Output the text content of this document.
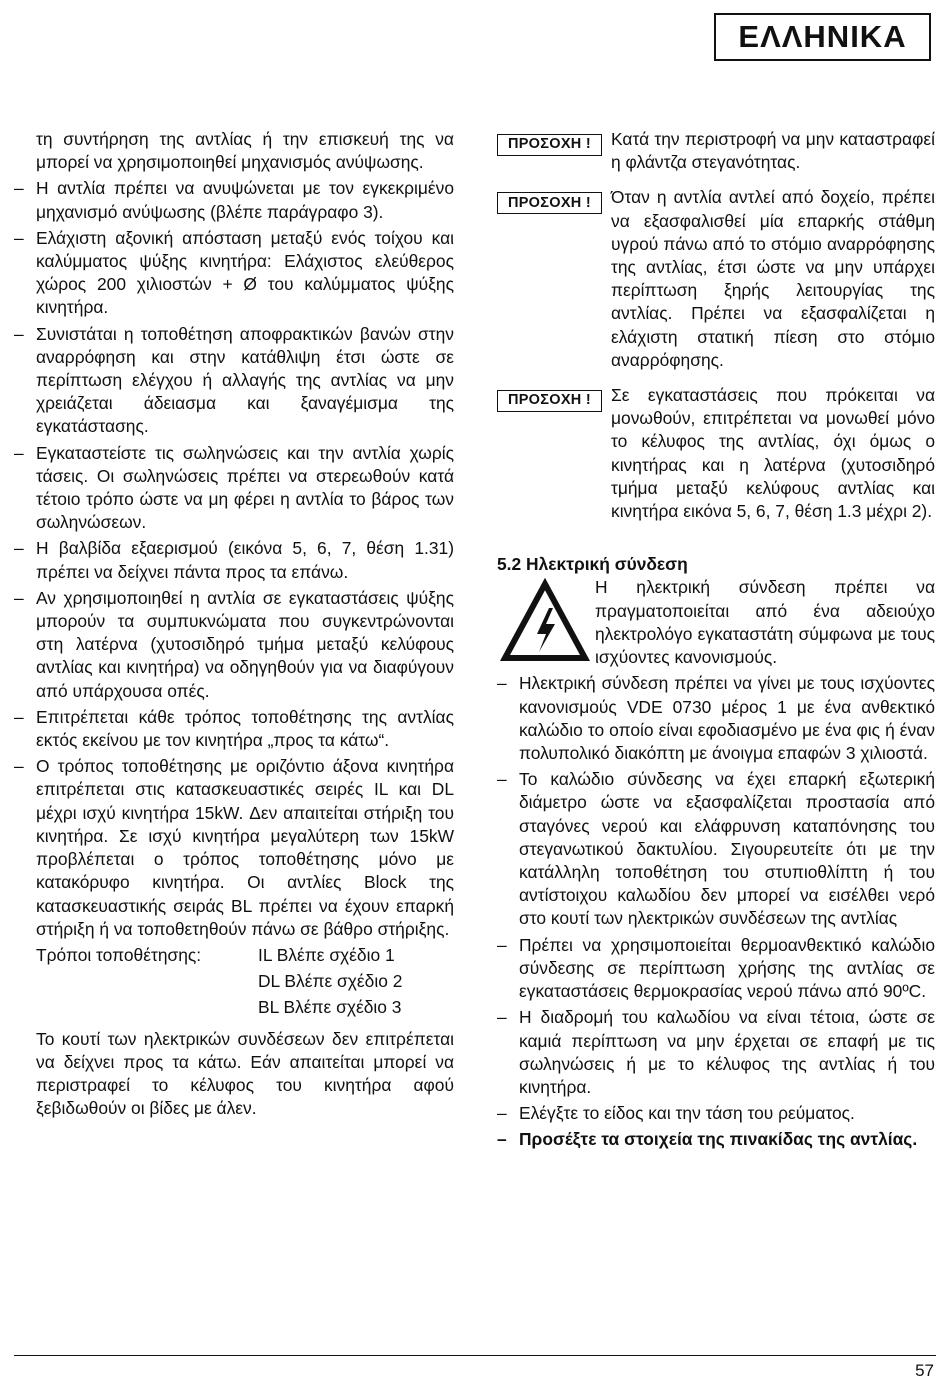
ΕΛΛΗΝΙΚΑ

τη συντήρηση της αντλίας ή την επισκευή της να μπορεί να χρησιμοποιηθεί μηχανισμός ανύψωσης.

– Η αντλία πρέπει να ανυψώνεται με τον εγκεκριμένο μηχανισμό ανύψωσης (βλέπε παράγραφο 3).

– Ελάχιστη αξονική απόσταση μεταξύ ενός τοίχου και καλύμματος ψύξης κινητήρα: Ελάχιστος ελεύθερος χώρος 200 χιλιοστών + Ø του καλύμματος ψύξης κινητήρα.

– Συνιστάται η τοποθέτηση αποφρακτικών βανών στην αναρρόφηση και στην κατάθλιψη έτσι ώστε σε περίπτωση ελέγχου ή αλλαγής της αντλίας να μην χρειάζεται άδειασμα και ξαναγέμισμα της εγκατάστασης.

– Εγκαταστείστε τις σωληνώσεις και την αντλία χωρίς τάσεις. Οι σωληνώσεις πρέπει να στερεωθούν κατά τέτοιο τρόπο ώστε να μη φέρει η αντλία το βάρος των σωληνώσεων.

– Η βαλβίδα εξαερισμού (εικόνα 5, 6, 7, θέση 1.31) πρέπει να δείχνει πάντα προς τα επάνω.

– Αν χρησιμοποιηθεί η αντλία σε εγκαταστάσεις ψύξης μπορούν τα συμπυκνώματα που συγκεντρώνονται στη λατέρνα (χυτοσιδηρό τμήμα μεταξύ κελύφους αντλίας και κινητήρα) να οδηγηθούν για να διαφύγουν από υπάρχουσα οπές.

– Επιτρέπεται κάθε τρόπος τοποθέτησης της αντλίας εκτός εκείνου με τον κινητήρα „προς τα κάτω“.

– Ο τρόπος τοποθέτησης με οριζόντιο άξονα κινητήρα επιτρέπεται στις κατασκευαστικές σειρές IL και DL μέχρι ισχύ κινητήρα 15kW. Δεν απαιτείται στήριξη του κινητήρα. Σε ισχύ κινητήρα μεγαλύτερη των 15kW προβλέπεται ο τρόπος τοποθέτησης μόνο με κατακόρυφο κινητήρα. Οι αντλίες Block της κατασκευαστικής σειράς BL πρέπει να έχουν επαρκή στήριξη ή να τοποθετηθούν πάνω σε βάθρο στήριξης.

Τρόποι τοποθέτησης:	IL Βλέπε σχέδιο 1
DL Βλέπε σχέδιο 2
BL Βλέπε σχέδιο 3

Το κουτί των ηλεκτρικών συνδέσεων δεν επιτρέπεται να δείχνει προς τα κάτω. Εάν απαιτείται μπορεί να περιστραφεί το κέλυφος του κινητήρα αφού ξεβιδωθούν οι βίδες με άλεν.

ΠΡΟΣΟΧΗ !	Κατά την περιστροφή να μην καταστραφεί η φλάντζα στεγανότητας.
ΠΡΟΣΟΧΗ !	Όταν η αντλία αντλεί από δοχείο, πρέπει να εξασφαλισθεί μία επαρκής στάθμη υγρού πάνω από το στόμιο αναρρόφησης της αντλίας, έτσι ώστε να μην υπάρχει περίπτωση ξηρής λειτουργίας της αντλίας. Πρέπει να εξασφαλίζεται η ελάχιστη στατική πίεση στο στόμιο αναρρόφησης.
ΠΡΟΣΟΧΗ !	Σε εγκαταστάσεις που πρόκειται να μονωθούν, επιτρέπεται να μονωθεί μόνο το κέλυφος της αντλίας, όχι όμως ο κινητήρας και η λατέρνα (χυτοσιδηρό τμήμα μεταξύ κελύφους αντλίας και κινητήρα εικόνα 5, 6, 7, θέση 1.3 μέχρι 2).
5.2 Ηλεκτρική σύνδεση
Η ηλεκτρική σύνδεση πρέπει να πραγματοποιείται από ένα αδειούχο ηλεκτρολόγο εγκαταστάτη σύμφωνα με τους ισχύοντες κανονισμούς.

– Ηλεκτρική σύνδεση πρέπει να γίνει με τους ισχύοντες κανονισμούς VDE 0730 μέρος 1 με ένα ανθεκτικό καλώδιο το οποίο είναι εφοδιασμένο με ένα φις ή έναν πολυπολικό διακόπτη με άνοιγμα επαφών 3 χιλιοστά.

– Το καλώδιο σύνδεσης να έχει επαρκή εξωτερική διάμετρο ώστε να εξασφαλίζεται προστασία από σταγόνες νερού και ελάφρυνση καταπόνησης του στεγανωτικού δακτυλίου. Σιγουρευτείτε ότι με την κατάλληλη τοποθέτηση του στυπιοθλίπτη ή του αντίστοιχου καλωδίου δεν μπορεί να εισέλθει νερό στο κουτί των ηλεκτρικών συνδέσεων της αντλίας

– Πρέπει να χρησιμοποιείται θερμοανθεκτικό καλώδιο σύνδεσης σε περίπτωση χρήσης της αντλίας σε εγκαταστάσεις θερμοκρασίας νερού πάνω από 90ºC.

– Η διαδρομή του καλωδίου να είναι τέτοια, ώστε σε καμιά περίπτωση να μην έρχεται σε επαφή με τις σωληνώσεις ή με το κέλυφος της αντλίας ή του κινητήρα.

– Ελέγξτε το είδος και την τάση του ρεύματος.

– Προσέξτε τα στοιχεία της πινακίδας της αντλίας.

57
